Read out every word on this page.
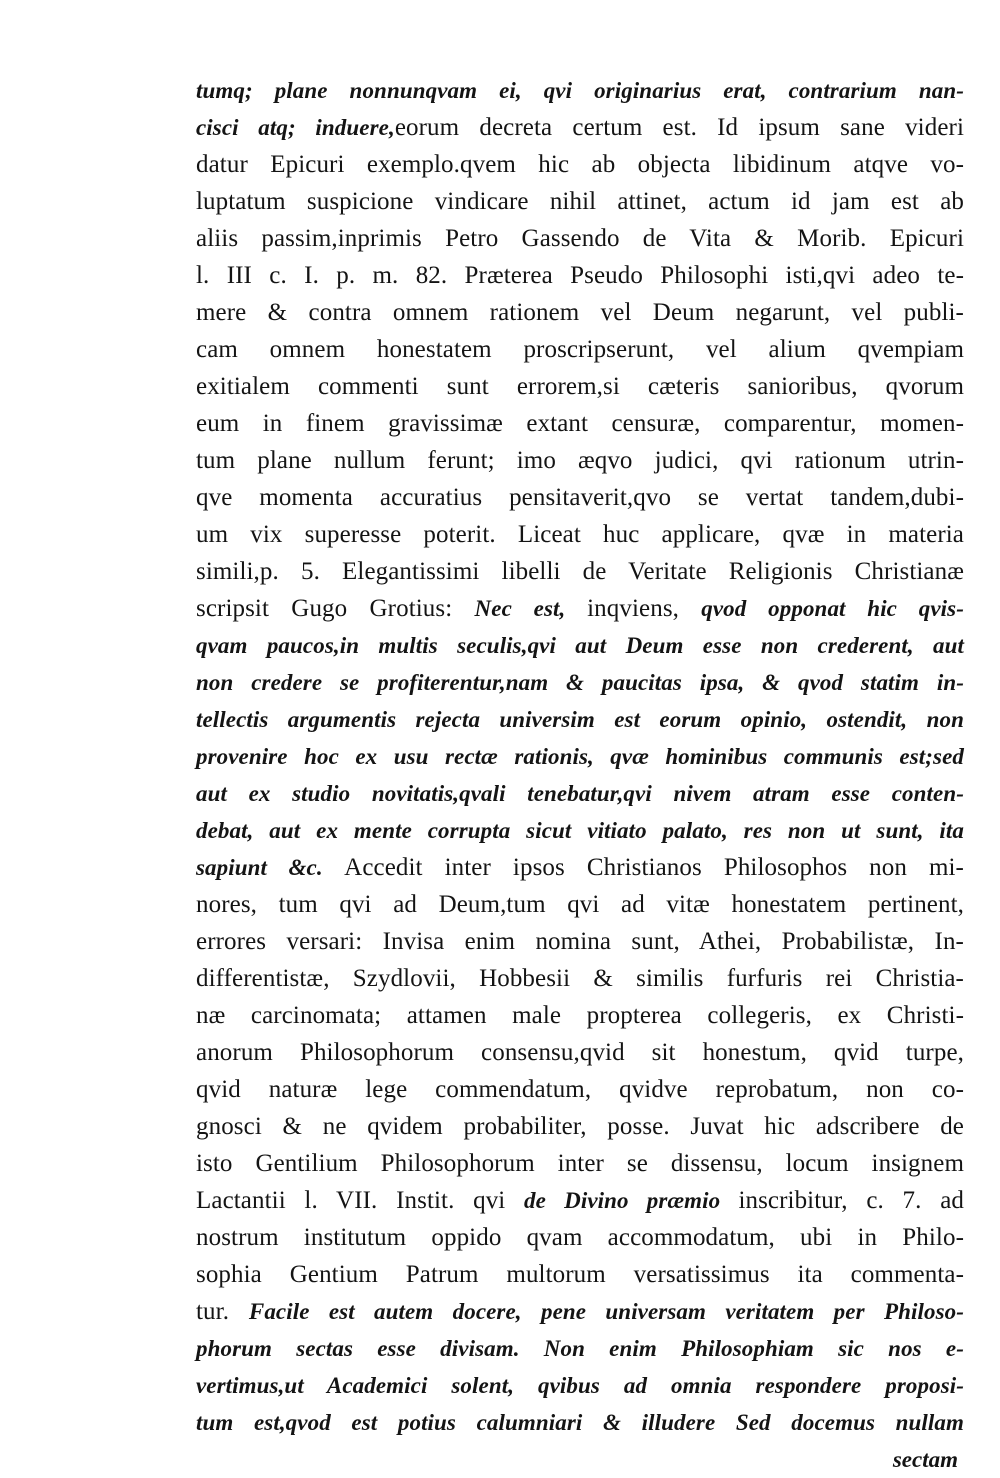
tumq; plane nonnunqvam ei, qvi originarius erat, contrarium nan-
cisci atq; induere,eorum decreta certum est. Id ipsum sane videri
datur Epicuri exemplo.qvem hic ab objecta libidinum atqve vo-
luptatum suspicione vindicare nihil attinet, actum id jam est ab
aliis passim,inprimis Petro Gassendo de Vita & Morib. Epicuri
l. III c. I. p. m. 82. Præterea Pseudo Philosophi isti,qvi adeo te-
mere & contra omnem rationem vel Deum negarunt, vel publi-
cam omnem honestatem proscripserunt, vel alium qvempiam
exitialem commenti sunt errorem,si cæteris sanioribus, qvorum
eum in finem gravissimæ extant censuræ, comparentur, momen-
tum plane nullum ferunt; imo æqvo judici, qvi rationum utrin-
qve momenta accuratius pensitaverit,qvo se vertat tandem,dubi-
um vix superesse poterit. Liceat huc applicare, qvæ in materia
simili,p. 5. Elegantissimi libelli de Veritate Religionis Christianæ
scripsit Gugo Grotius: Nec est, inqviens, qvod opponat hic qvis-
qvam paucos,in multis seculis,qvi aut Deum esse non crederent, aut
non credere se profiterentur,nam & paucitas ipsa, & qvod statim in-
tellectis argumentis rejecta universim est eorum opinio, ostendit, non
provenire hoc ex usu rectæ rationis, qvæ hominibus communis est;sed
aut ex studio novitatis,qvali tenebatur,qvi nivem atram esse conten-
debat, aut ex mente corrupta sicut vitiato palato, res non ut sunt, ita
sapiunt &c. Accedit inter ipsos Christianos Philosophos non mi-
nores, tum qvi ad Deum,tum qvi ad vitæ honestatem pertinent,
errores versari: Invisa enim nomina sunt, Athei, Probabilistæ, In-
differentistæ, Szydlovii, Hobbesii & similis furfuris rei Christia-
næ carcinomata; attamen male propterea collegeris, ex Christi-
anorum Philosophorum consensu,qvid sit honestum, qvid turpe,
qvid naturæ lege commendatum, qvidve reprobatum, non co-
gnosci & ne qvidem probabiliter, posse. Juvat hic adscribere de
isto Gentilium Philosophorum inter se dissensu, locum insignem
Lactantii l. VII. Instit. qvi de Divino præmio inscribitur, c. 7. ad
nostrum institutum oppido qvam accommodatum, ubi in Philo-
sophia Gentium Patrum multorum versatissimus ita commenta-
tur. Facile est autem docere, pene universam veritatem per Philoso-
phorum sectas esse divisam. Non enim Philosophiam sic nos e-
vertimus,ut Academici solent, qvibus ad omnia respondere proposi-
tum est,qvod est potius calumniari & illudere Sed docemus nullam
sectam
